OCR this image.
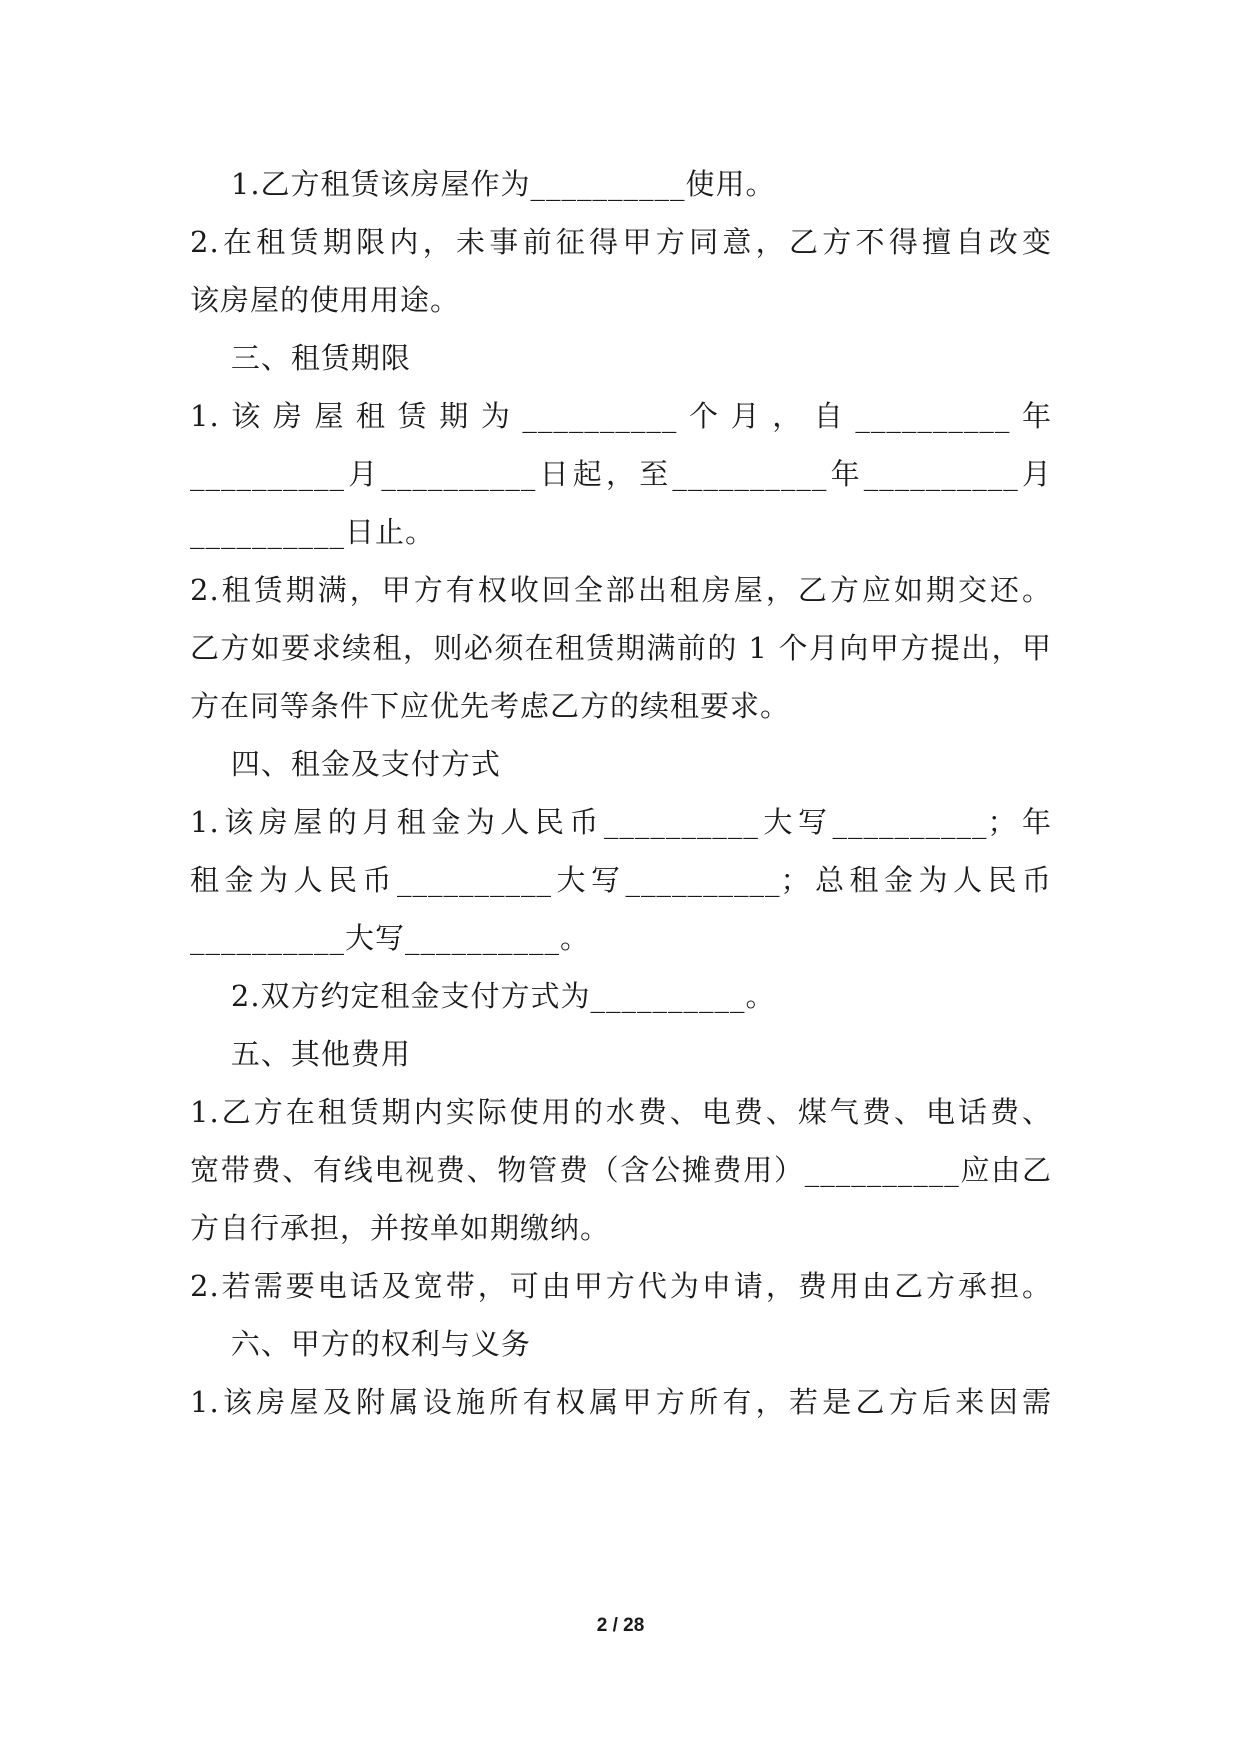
1.乙方租赁该房屋作为__________使用。
2.在租赁期限内，未事前征得甲方同意，乙方不得擅自改变
该房屋的使用用途。
三、租赁期限
1.该房屋租赁期为__________个月，自__________年
__________月__________日起，至__________年__________月
__________日止。
2.租赁期满，甲方有权收回全部出租房屋，乙方应如期交还。
乙方如要求续租，则必须在租赁期满前的 1 个月向甲方提出，甲
方在同等条件下应优先考虑乙方的续租要求。
四、租金及支付方式
1.该房屋的月租金为人民币__________大写__________；年
租金为人民币__________大写__________；总租金为人民币
__________大写__________。
2.双方约定租金支付方式为__________。
五、其他费用
1.乙方在租赁期内实际使用的水费、电费、煤气费、电话费、
宽带费、有线电视费、物管费（含公摊费用）__________应由乙
方自行承担，并按单如期缴纳。
2.若需要电话及宽带，可由甲方代为申请，费用由乙方承担。
六、甲方的权利与义务
1.该房屋及附属设施所有权属甲方所有，若是乙方后来因需
2 / 28
